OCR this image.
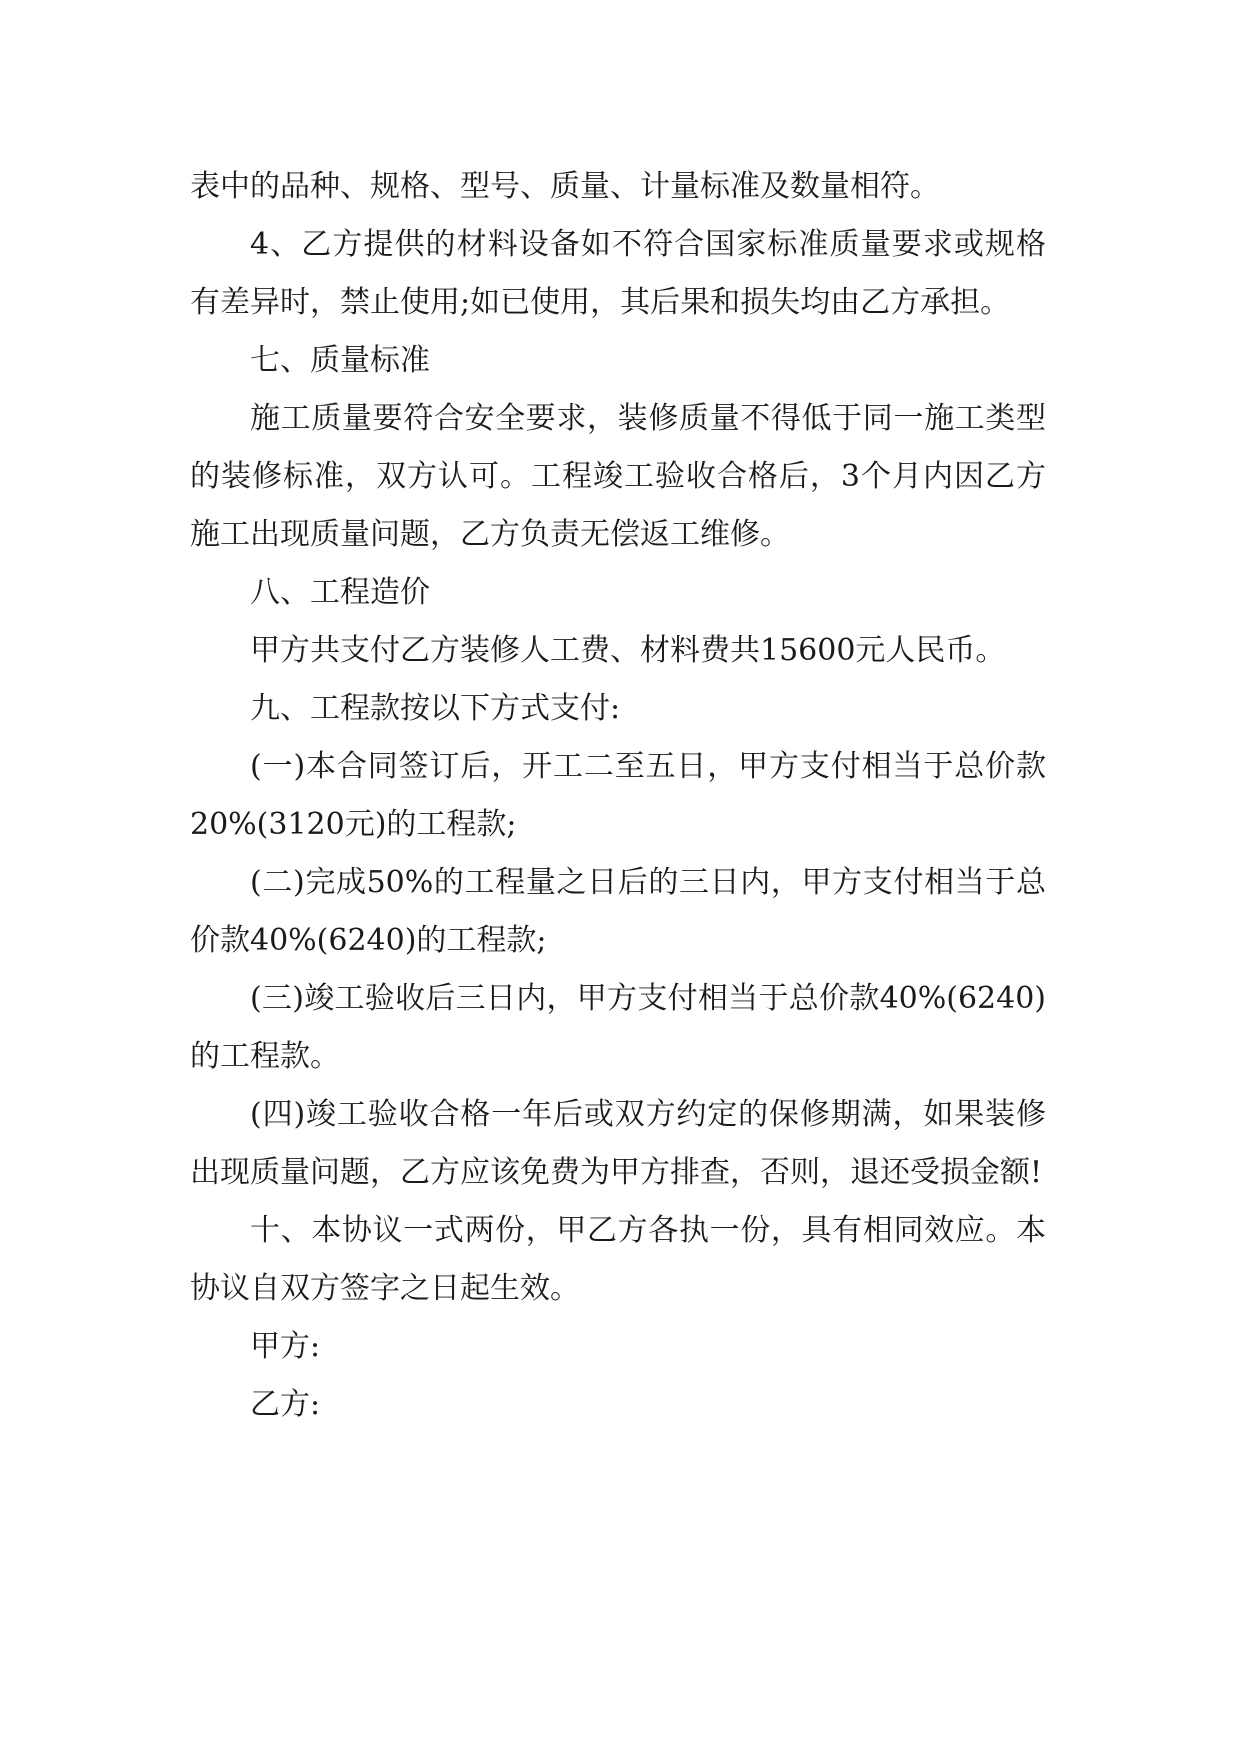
表中的品种、规格、型号、质量、计量标准及数量相符。

4、乙方提供的材料设备如不符合国家标准质量要求或规格有差异时，禁止使用;如已使用，其后果和损失均由乙方承担。

七、质量标准

施工质量要符合安全要求，装修质量不得低于同一施工类型的装修标准，双方认可。工程竣工验收合格后，3个月内因乙方施工出现质量问题，乙方负责无偿返工维修。

八、工程造价

甲方共支付乙方装修人工费、材料费共15600元人民币。

九、工程款按以下方式支付:

(一)本合同签订后，开工二至五日，甲方支付相当于总价款20%(3120元)的工程款;

(二)完成50%的工程量之日后的三日内，甲方支付相当于总价款40%(6240)的工程款;

(三)竣工验收后三日内，甲方支付相当于总价款40%(6240)的工程款。

(四)竣工验收合格一年后或双方约定的保修期满，如果装修出现质量问题，乙方应该免费为甲方排查，否则，退还受损金额!

十、本协议一式两份，甲乙方各执一份，具有相同效应。本协议自双方签字之日起生效。

甲方:

乙方:
